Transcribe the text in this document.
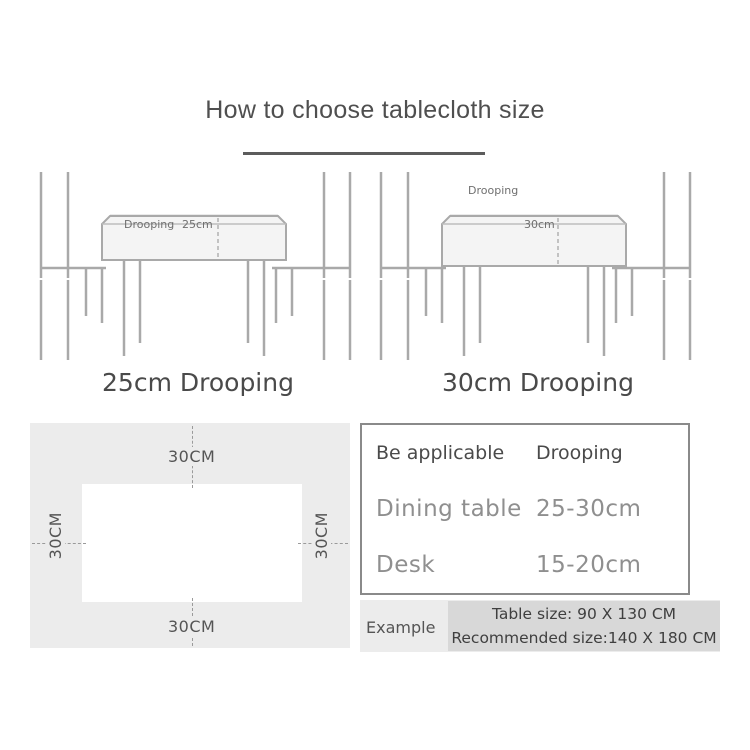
How to choose tablecloth size
Drooping 25cm
25cm Drooping
Drooping
30cm
30cm Drooping
30CM
30CM
30CM	30CM
Be applicable	Drooping
Dining table 25-30cm
Desk	15-20cm
Example
Table size: 90 X 130 CM
Recommended size:140 X 180 CM
